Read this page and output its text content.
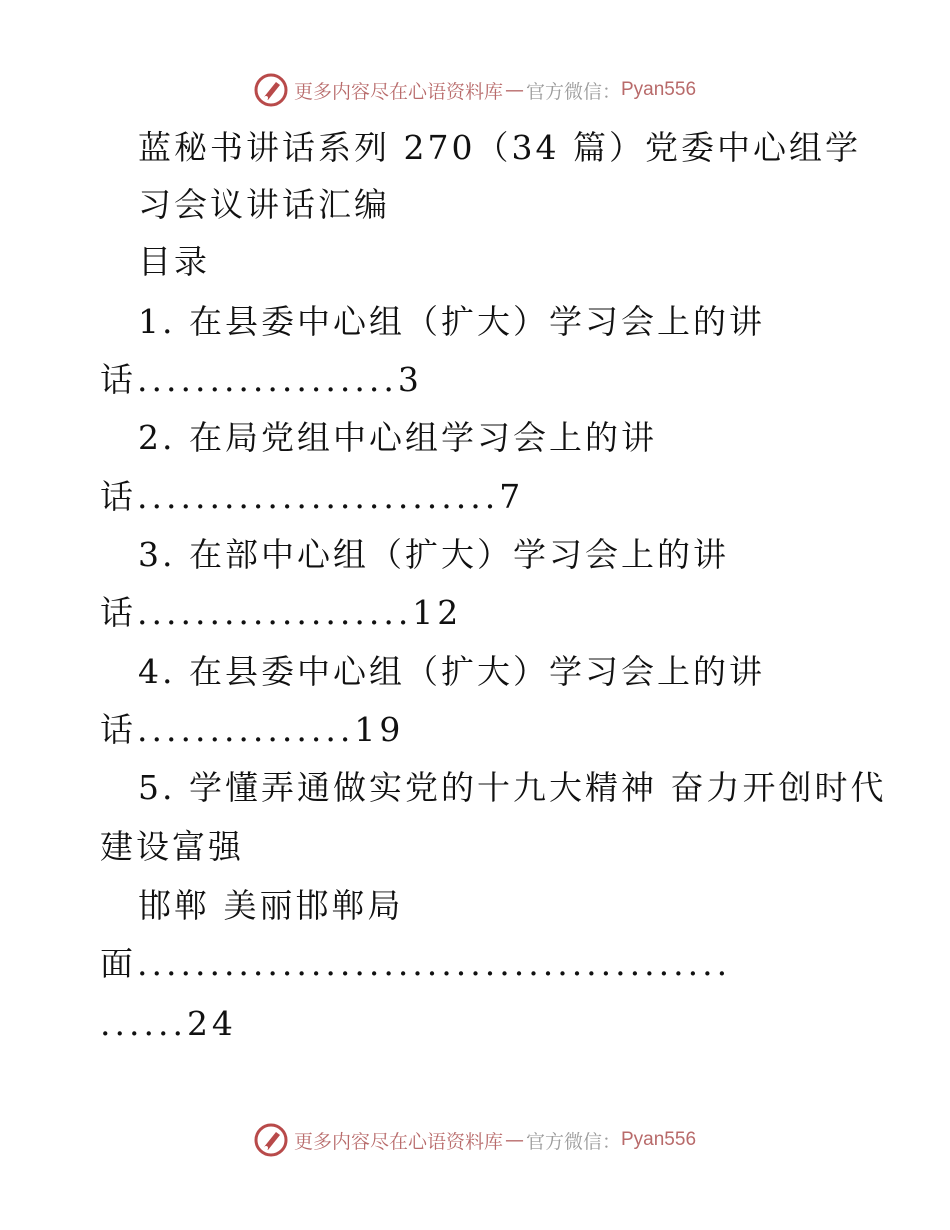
更多内容尽在心语资料库 — 官方微信： Pyan556
蓝秘书讲话系列 270（34 篇）党委中心组学
习会议讲话汇编
目录
1. 在县委中心组（扩大）学习会上的讲
话..................3
2. 在局党组中心组学习会上的讲
话.........................7
3. 在部中心组（扩大）学习会上的讲
话...................12
4. 在县委中心组（扩大）学习会上的讲
话...............19
5. 学懂弄通做实党的十九大精神 奋力开创时代
建设富强
邯郸 美丽邯郸局
面.........................................
......24
更多内容尽在心语资料库 — 官方微信： Pyan556
